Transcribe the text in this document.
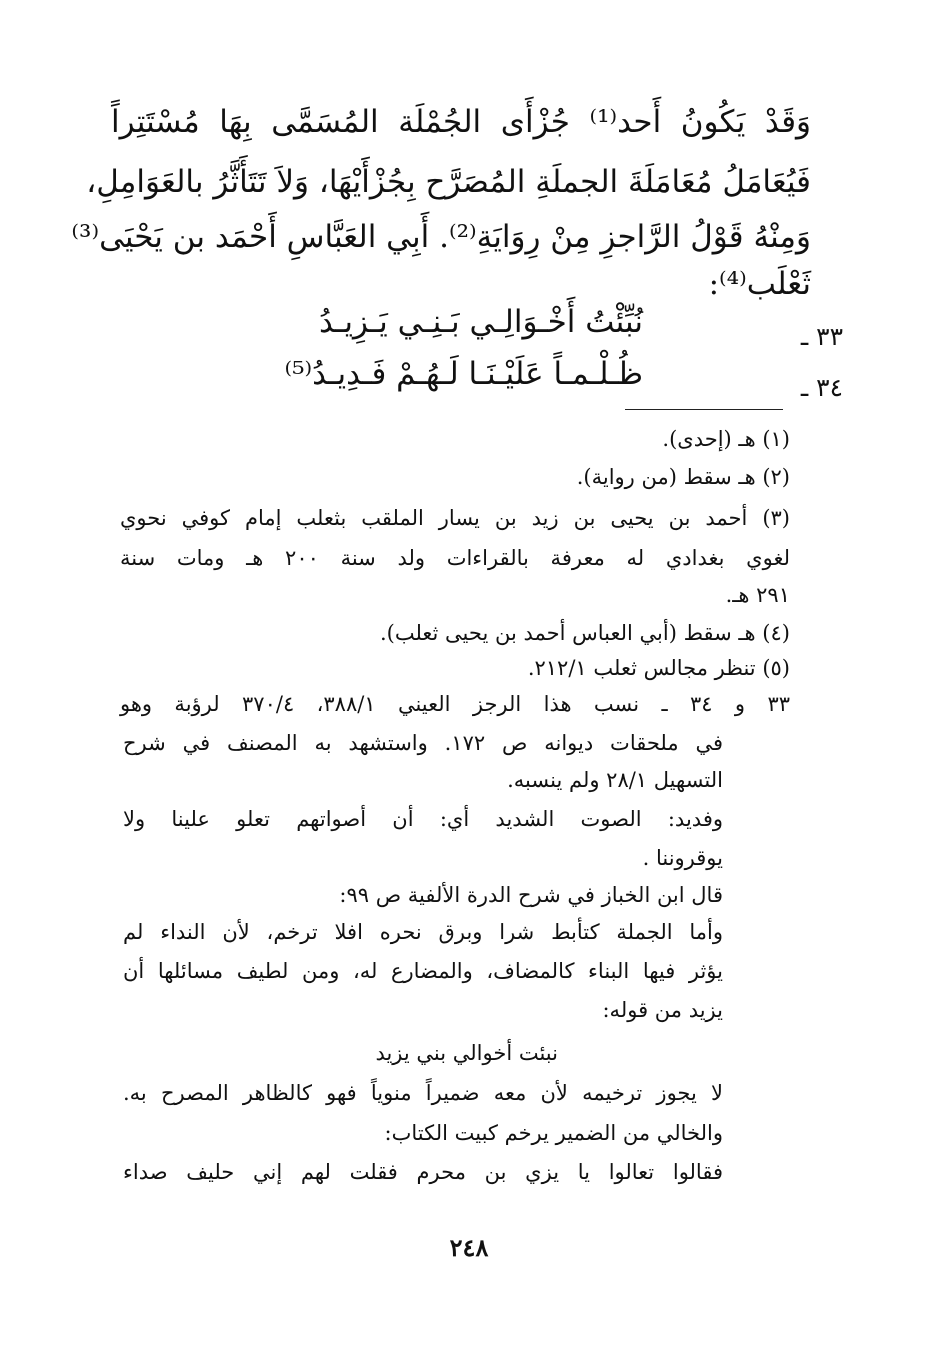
وَقَدْ يَكُونُ أَحد⁽¹⁾ جُزْأَى الجُمْلَة المُسَمَّى بِهَا مُسْتَتِراً
فَيُعَامَلُ مُعَامَلَةَ الجملَةِ المُصَرَّح بِجُزْأَيْهَا، وَلاَ تَتَأَثَّرُ بالعَوَامِلِ،
وَمِنْهُ قَوْلُ الرَّاجزِ مِنْ رِوَايَةِ⁽²⁾. أَبِي العَبَّاسِ أَحْمَد بن يَحْيَى⁽³⁾
ثَعْلَب⁽⁴⁾:
٣٣ ـ
نُبِّئْتُ أَخْـوَالِـي بَـنِـي يَـزِيـدُ
٣٤ ـ
ظُـلْـمـاً عَلَيْـنَـا لَـهُـمْ فَـدِيـدُ⁽⁵⁾
(١) هـ (إحدى).
(٢) هـ سقط (من رواية).
(٣) أحمد بن يحيى بن زيد بن يسار الملقب بثعلب إمام كوفي نحوي
لغوي بغدادي له معرفة بالقراءات ولد سنة ٢٠٠ هـ ومات سنة
٢٩١ هـ.
(٤) هـ سقط (أبي العباس أحمد بن يحيى ثعلب).
(٥) تنظر مجالس ثعلب ٢١٢/١.
٣٣ و ٣٤ ـ نسب هذا الرجز العيني ٣٨٨/١، ٣٧٠/٤ لرؤبة وهو
في ملحقات ديوانه ص ١٧٢. واستشهد به المصنف في شرح
التسهيل ٢٨/١ ولم ينسبه.
وفديد: الصوت الشديد أي: أن أصواتهم تعلو علينا ولا
يوقروننا .
قال ابن الخباز في شرح الدرة الألفية ص ٩٩:
وأما الجملة كتأبط شرا وبرق نحره افلا ترخم، لأن النداء لم
يؤثر فيها البناء كالمضاف، والمضارع له، ومن لطيف مسائلها أن
يزيد من قوله:
نبئت أخوالي بني يزيد
لا يجوز ترخيمه لأن معه ضميراً منوياً فهو كالظاهر المصرح به.
والخالي من الضمير يرخم كبيت الكتاب:
فقالوا تعالوا يا يزي بن محرم فقلت لهم إني حليف صداء
٢٤٨
